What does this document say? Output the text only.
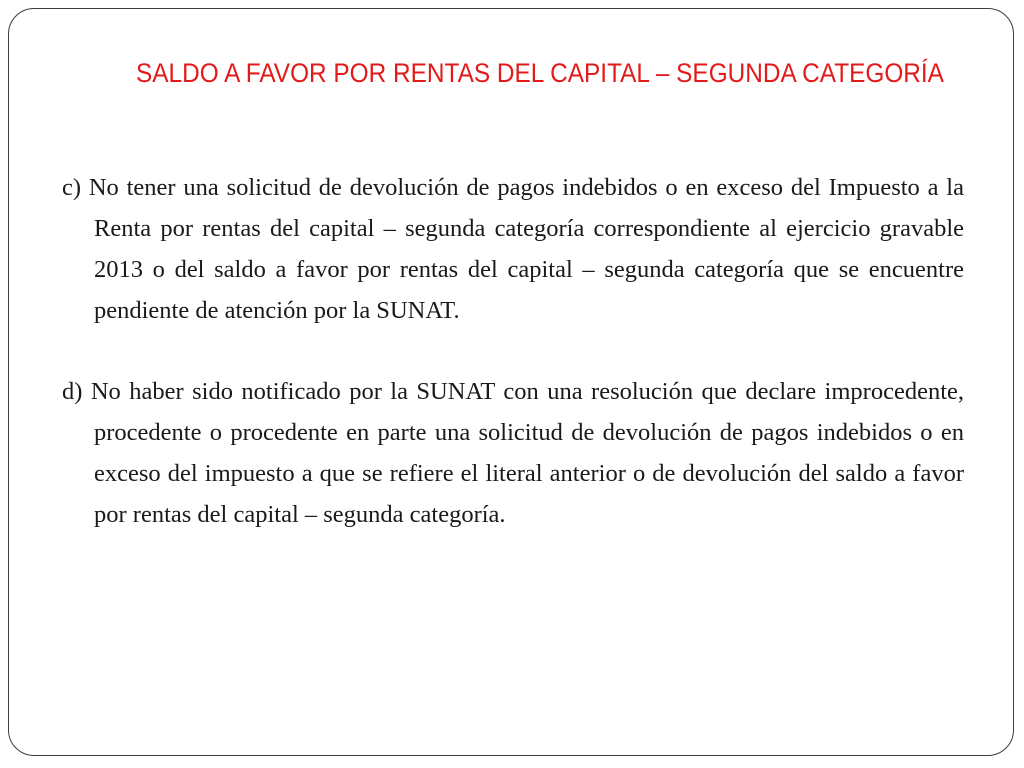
SALDO A FAVOR POR RENTAS DEL CAPITAL – SEGUNDA CATEGORÍA

c) No tener una solicitud de devolución de pagos indebidos o en exceso del Impuesto a la Renta por rentas del capital – segunda categoría correspondiente al ejercicio gravable 2013 o del saldo a favor por rentas del capital – segunda categoría que se encuentre pendiente de atención por la SUNAT.

d) No haber sido notificado por la SUNAT con una resolución que declare improcedente, procedente o procedente en parte una solicitud de devolución de pagos indebidos o en exceso del impuesto a que se refiere el literal anterior o de devolución del saldo a favor por rentas del capital – segunda categoría.
